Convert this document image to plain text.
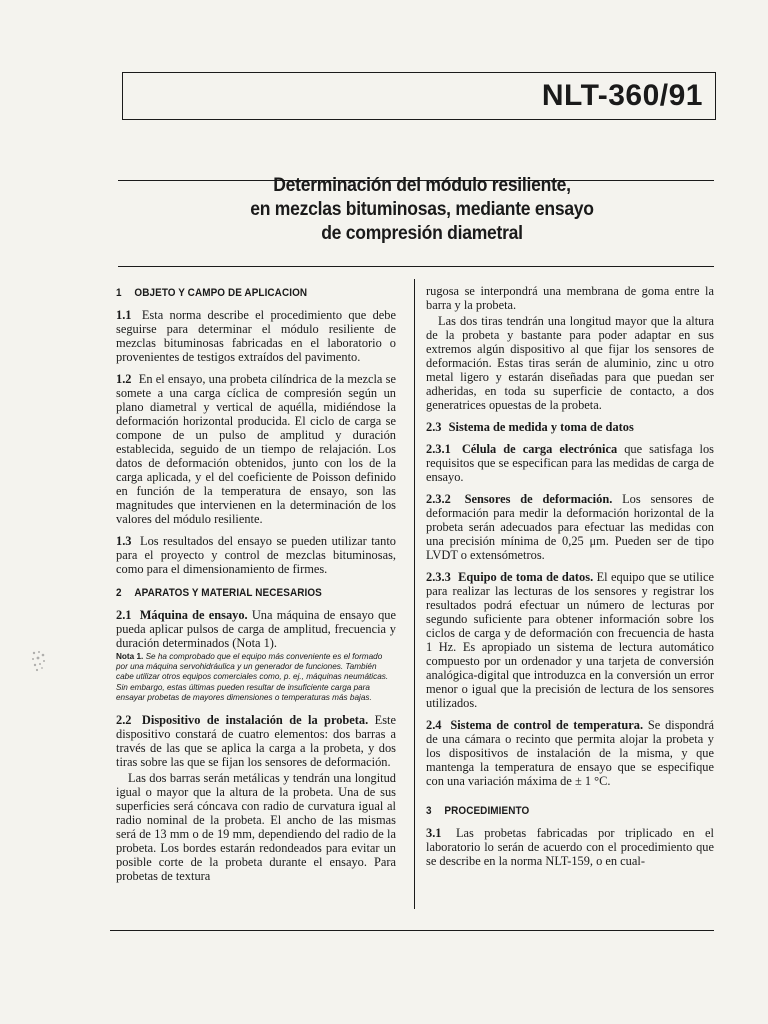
NLT-360/91
Determinación del módulo resiliente,
en mezclas bituminosas, mediante ensayo
de compresión diametral
1 OBJETO Y CAMPO DE APLICACION

1.1 Esta norma describe el procedimiento que debe seguirse para determinar el módulo resiliente de mezclas bituminosas fabricadas en el laboratorio o provenientes de testigos extraídos del pavimento.

1.2 En el ensayo, una probeta cilíndrica de la mezcla se somete a una carga cíclica de compresión según un plano diametral y vertical de aquélla, midiéndose la deformación horizontal producida. El ciclo de carga se compone de un pulso de amplitud y duración establecida, seguido de un tiempo de relajación. Los datos de deformación obtenidos, junto con los de la carga aplicada, y el del coeficiente de Poisson definido en función de la temperatura de ensayo, son las magnitudes que intervienen en la determinación de los valores del módulo resiliente.

1.3 Los resultados del ensayo se pueden utilizar tanto para el proyecto y control de mezclas bituminosas, como para el dimensionamiento de firmes.

2 APARATOS Y MATERIAL NECESARIOS

2.1 Máquina de ensayo. Una máquina de ensayo que pueda aplicar pulsos de carga de amplitud, frecuencia y duración determinados (Nota 1).

Nota 1. Se ha comprobado que el equipo más conveniente es el formado por una máquina servohidráulica y un generador de funciones. También cabe utilizar otros equipos comerciales como, p. ej., máquinas neumáticas. Sin embargo, estas últimas pueden resultar de insuficiente carga para ensayar probetas de mayores dimensiones o temperaturas más bajas.

2.2 Dispositivo de instalación de la probeta. Este dispositivo constará de cuatro elementos: dos barras a través de las que se aplica la carga a la probeta, y dos tiras sobre las que se fijan los sensores de deformación.

Las dos barras serán metálicas y tendrán una longitud igual o mayor que la altura de la probeta. Una de sus superficies será cóncava con radio de curvatura igual al radio nominal de la probeta. El ancho de las mismas será de 13 mm o de 19 mm, dependiendo del radio de la probeta. Los bordes estarán redondeados para evitar un posible corte de la probeta durante el ensayo. Para probetas de textura

rugosa se interpondrá una membrana de goma entre la barra y la probeta.

Las dos tiras tendrán una longitud mayor que la altura de la probeta y bastante para poder adaptar en sus extremos algún dispositivo al que fijar los sensores de deformación. Estas tiras serán de aluminio, zinc u otro metal ligero y estarán diseñadas para que puedan ser adheridas, en toda su superficie de contacto, a dos generatrices opuestas de la probeta.

2.3 Sistema de medida y toma de datos

2.3.1 Célula de carga electrónica que satisfaga los requisitos que se especifican para las medidas de carga de ensayo.

2.3.2 Sensores de deformación. Los sensores de deformación para medir la deformación horizontal de la probeta serán adecuados para efectuar las medidas con una precisión mínima de 0,25 μm. Pueden ser de tipo LVDT o extensómetros.

2.3.3 Equipo de toma de datos. El equipo que se utilice para realizar las lecturas de los sensores y registrar los resultados podrá efectuar un número de lecturas por segundo suficiente para obtener información sobre los ciclos de carga y de deformación con frecuencia de hasta 1 Hz. Es apropiado un sistema de lectura automático compuesto por un ordenador y una tarjeta de conversión analógica-digital que introduzca en la conversión un error menor o igual que la precisión de lectura de los sensores utilizados.

2.4 Sistema de control de temperatura. Se dispondrá de una cámara o recinto que permita alojar la probeta y los dispositivos de instalación de la misma, y que mantenga la temperatura de ensayo que se especifique con una variación máxima de ± 1 °C.

3 PROCEDIMIENTO

3.1 Las probetas fabricadas por triplicado en el laboratorio lo serán de acuerdo con el procedimiento que se describe en la norma NLT-159, o en cual-
